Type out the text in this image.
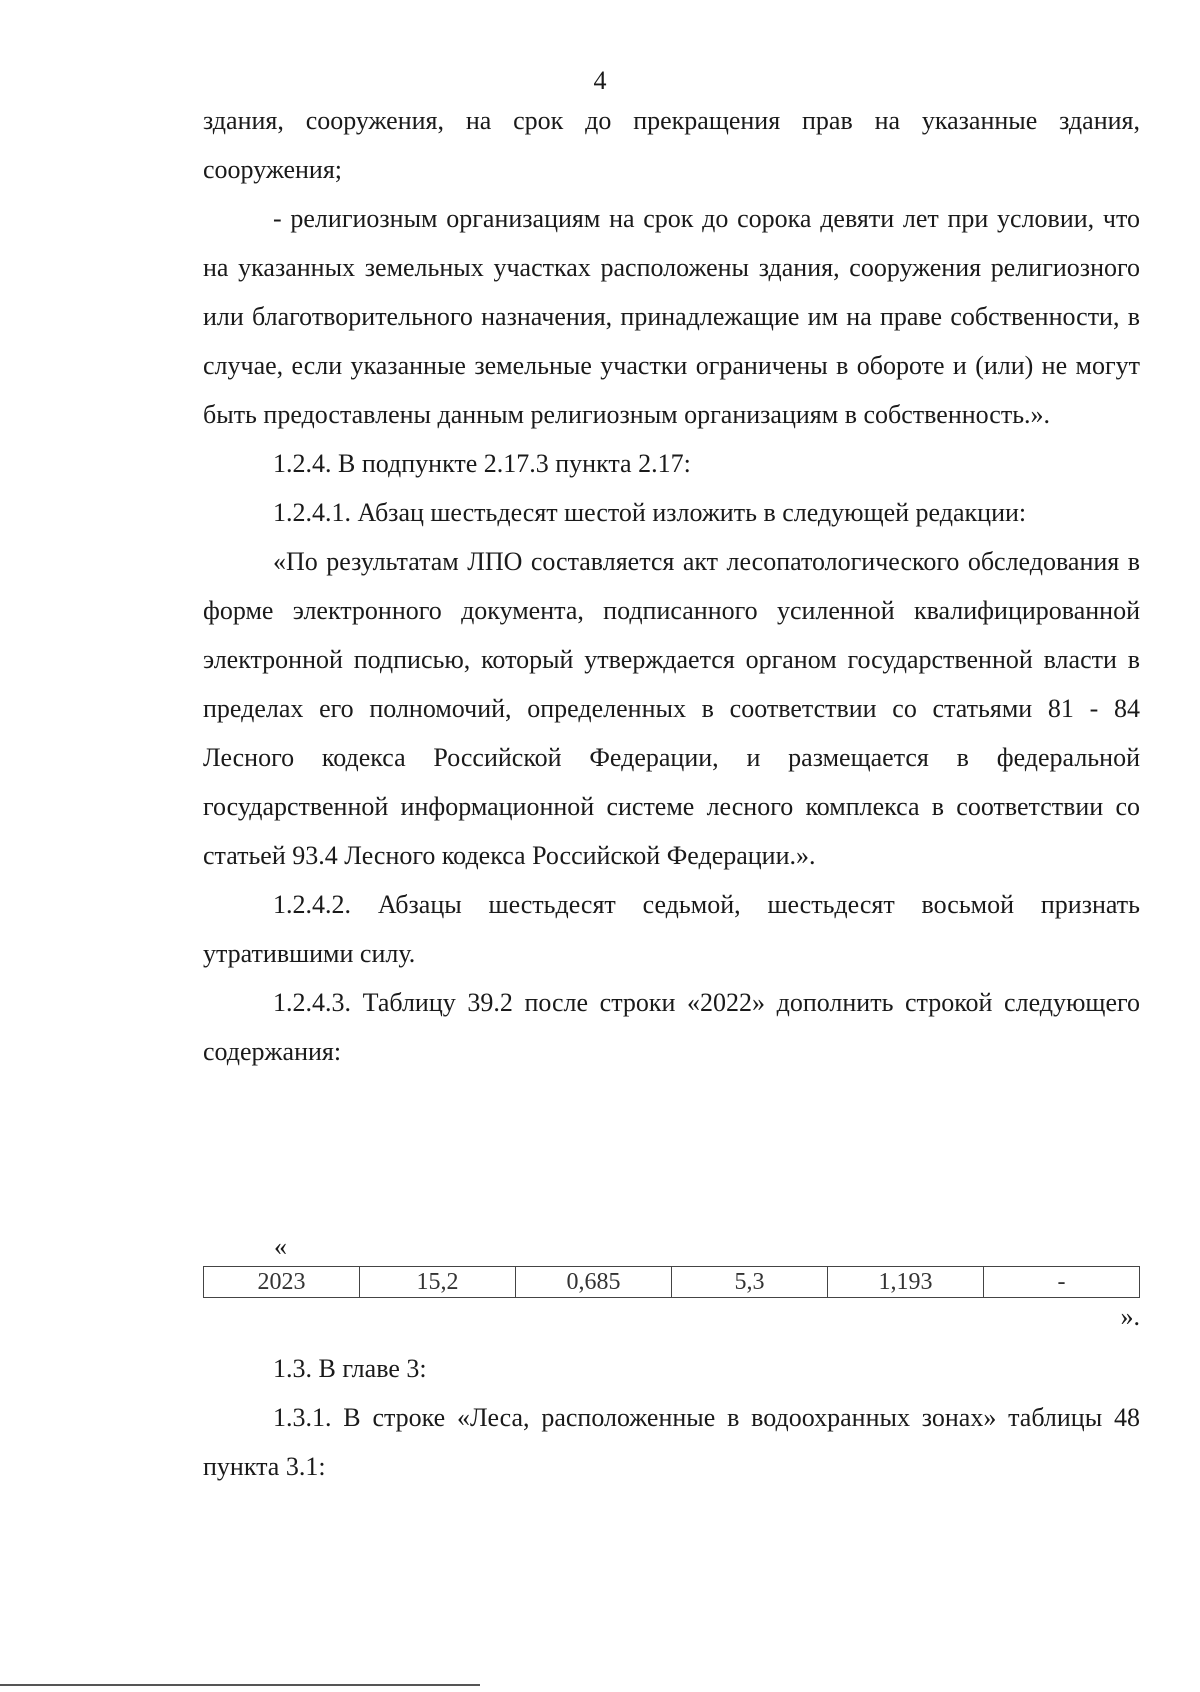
4

здания, сооружения, на срок до прекращения прав на указанные здания, сооружения;

- религиозным организациям на срок до сорока девяти лет при условии, что на указанных земельных участках расположены здания, сооружения религиозного или благотворительного назначения, принадлежащие им на праве собственности, в случае, если указанные земельные участки ограничены в обороте и (или) не могут быть предоставлены данным религиозным организациям в собственность.».

1.2.4. В подпункте 2.17.3 пункта 2.17:

1.2.4.1. Абзац шестьдесят шестой изложить в следующей редакции:

«По результатам ЛПО составляется акт лесопатологического обследования в форме электронного документа, подписанного усиленной квалифицированной электронной подписью, который утверждается органом государственной власти в пределах его полномочий, определенных в соответствии со статьями 81 - 84 Лесного кодекса Российской Федерации, и размещается в федеральной государственной информационной системе лесного комплекса в соответствии со статьей 93.4 Лесного кодекса Российской Федерации.».

1.2.4.2. Абзацы шестьдесят седьмой, шестьдесят восьмой признать утратившими силу.

1.2.4.3. Таблицу 39.2 после строки «2022» дополнить строкой следующего содержания:

«

2023	15,2	0,685	5,3	1,193	-

».

1.3. В главе 3:

1.3.1. В строке «Леса, расположенные в водоохранных зонах» таблицы 48 пункта 3.1:
